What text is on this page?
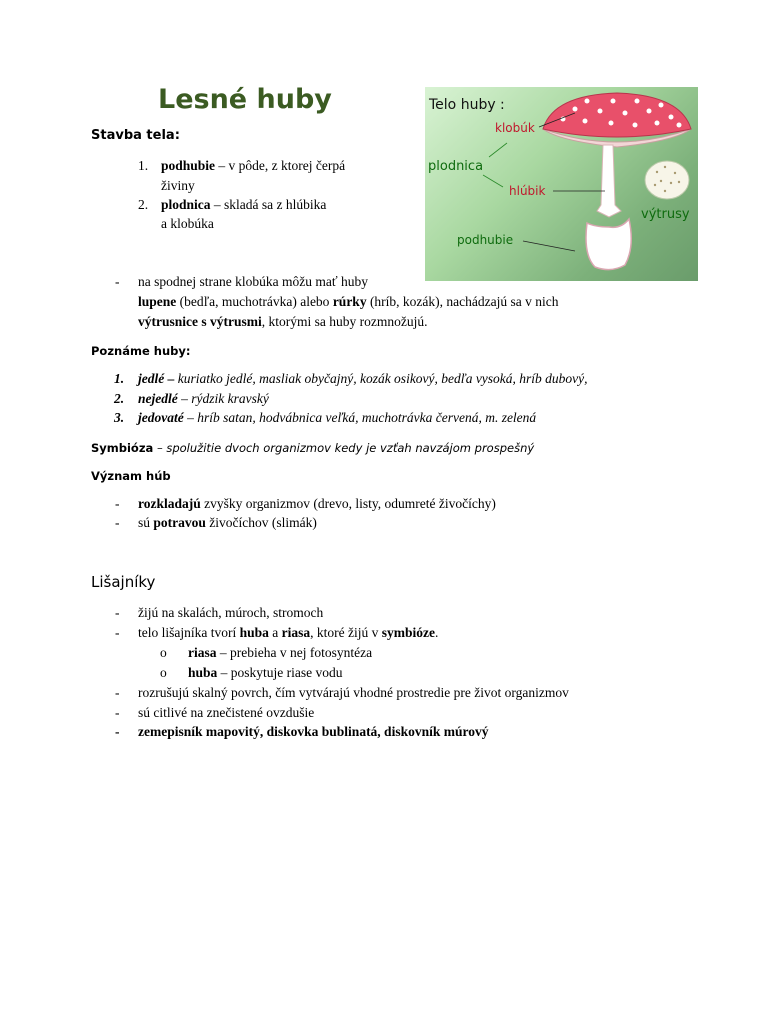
Lesné huby
Stavba tela:
1. podhubie – v pôde, z ktorej čerpá
živiny
2. plodnica – skladá sa z hlúbika
a klobúka
Telo huby :
klobúk
plodnica
hlúbik
výtrusy
podhubie
- na spodnej strane klobúka môžu mať huby
lupene (bedľa, muchotrávka) alebo rúrky (hríb, kozák), nachádzajú sa v nich
výtrusnice s výtrusmi, ktorými sa huby rozmnožujú.
Poznáme huby:
1. jedlé – kuriatko jedlé, masliak obyčajný, kozák osikový, bedľa vysoká, hríb dubový,
2. nejedlé – rýdzik kravský
3. jedovaté – hríb satan, hodvábnica veľká, muchotrávka červená, m. zelená
Symbióza – spolužitie dvoch organizmov kedy je vzťah navzájom prospešný
Význam húb
- rozkladajú zvyšky organizmov (drevo, listy, odumreté živočíchy)
- sú potravou živočíchov (slimák)
Lišajníky
- žijú na skalách, múroch, stromoch
- telo lišajníka tvorí huba a riasa, ktoré žijú v symbióze.
o riasa – prebieha v nej fotosyntéza
o huba – poskytuje riase vodu
- rozrušujú skalný povrch, čím vytvárajú vhodné prostredie pre život organizmov
- sú citlivé na znečistené ovzdušie
- zemepisník mapovitý, diskovka bublinatá, diskovník múrový
